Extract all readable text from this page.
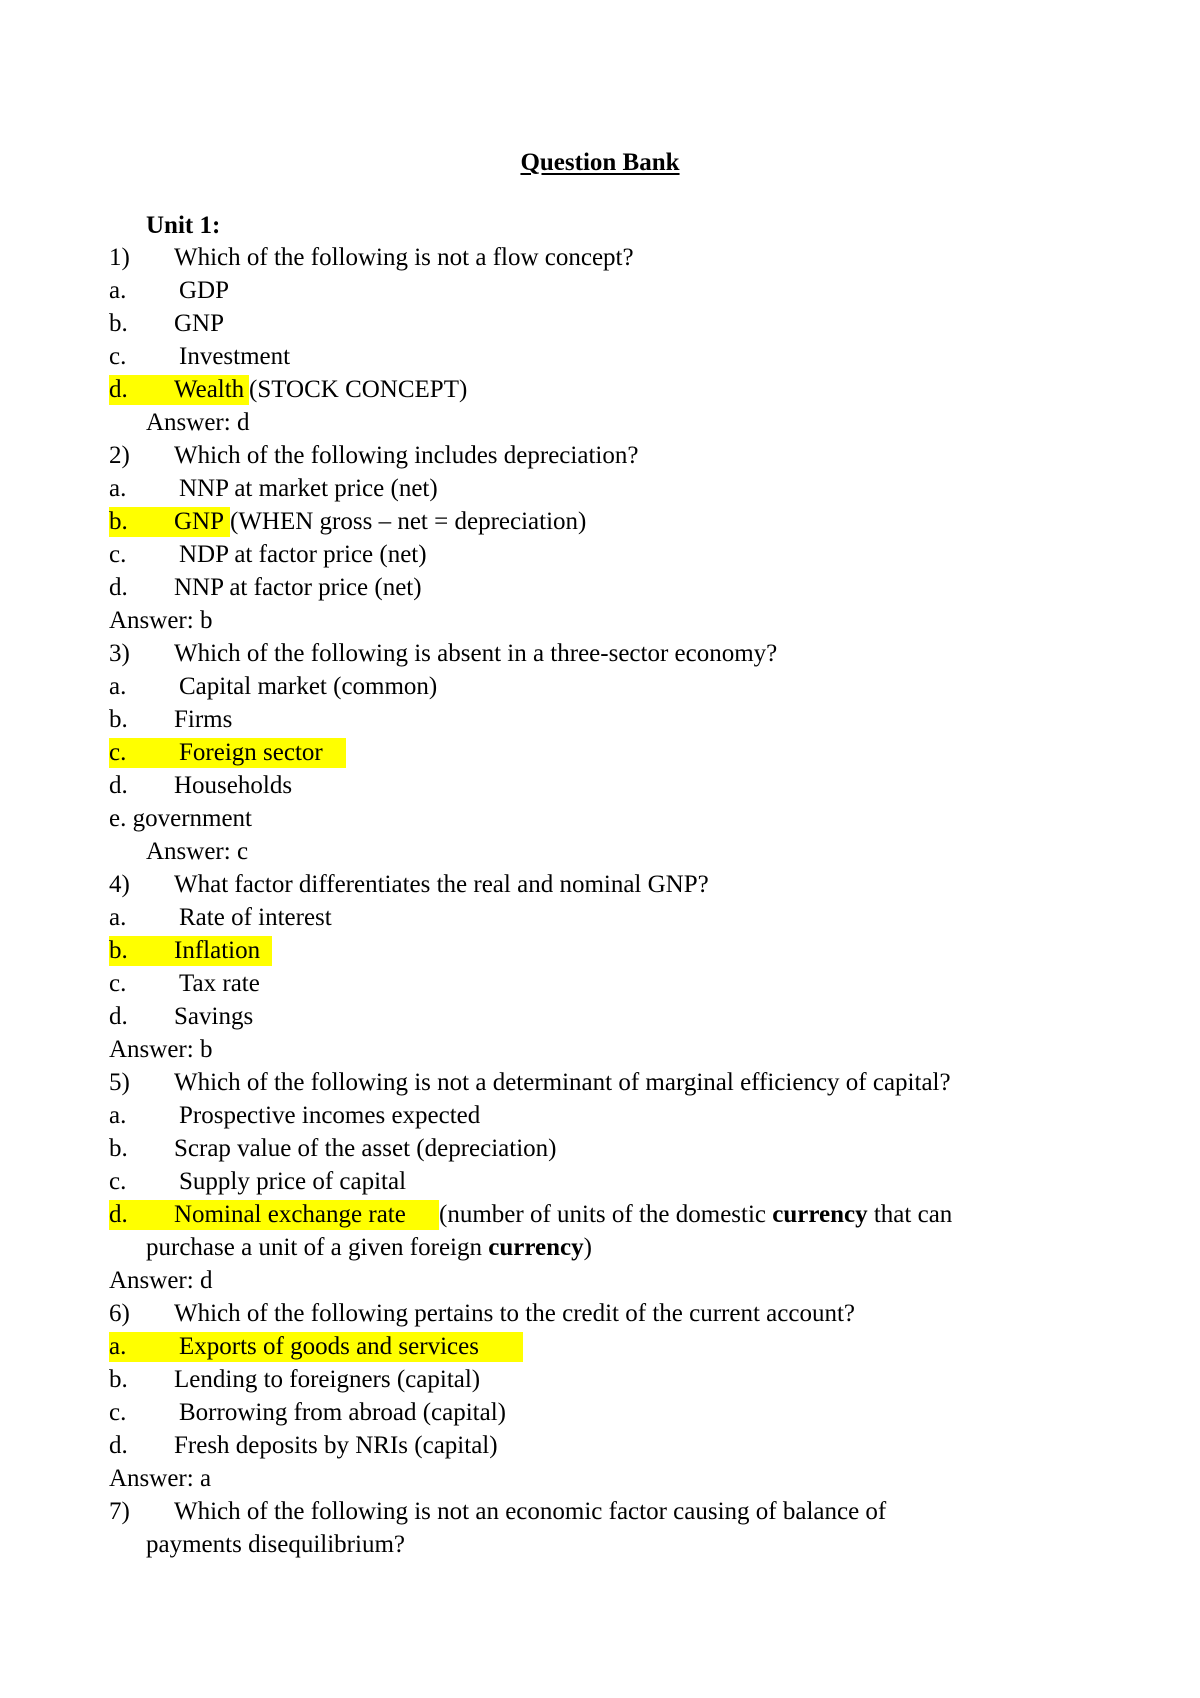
Question Bank
Unit 1:
1) Which of the following is not a flow concept?
a. GDP
b. GNP
c. Investment
d. Wealth
(STOCK CONCEPT)
Answer: d
2) Which of the following includes depreciation?
a. NNP at market price (net)
b. GNP
(WHEN gross – net = depreciation)
c. NDP at factor price (net)
d. NNP at factor price (net)
Answer: b
3) Which of the following is absent in a three-sector economy?
a. Capital market (common)
b. Firms
c. Foreign sector
d. Households
e. government
Answer: c
4) What factor differentiates the real and nominal GNP?
a. Rate of interest
b. Inflation
c. Tax rate
d. Savings
Answer: b
5) Which of the following is not a determinant of marginal efficiency of capital?
a. Prospective incomes expected
b. Scrap value of the asset (depreciation)
c. Supply price of capital
d. Nominal exchange rate
(number of units of the domestic currency that can
purchase a unit of a given foreign currency)
Answer: d
6) Which of the following pertains to the credit of the current account?
a. Exports of goods and services
b. Lending to foreigners (capital)
c. Borrowing from abroad (capital)
d. Fresh deposits by NRIs (capital)
Answer: a
7) Which of the following is not an economic factor causing of balance of
payments disequilibrium?
